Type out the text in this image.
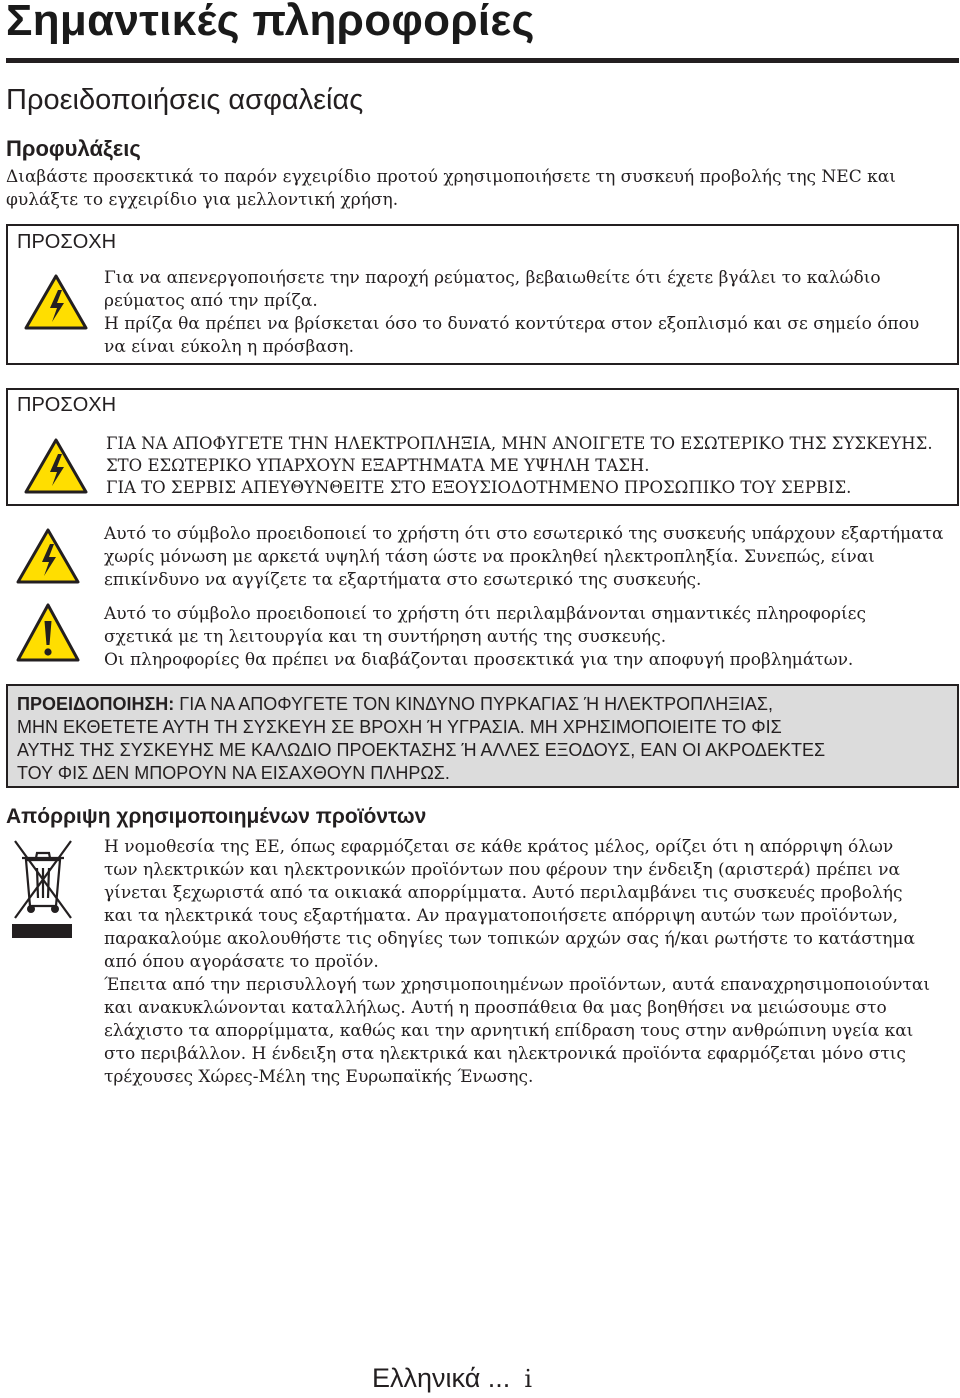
Σημαντικές πληροφορίες
Προειδοποιήσεις ασφαλείας
Προφυλάξεις
Διαβάστε προσεκτικά το παρόν εγχειρίδιο προτού χρησιμοποιήσετε τη συσκευή προβολής της NEC και
φυλάξτε το εγχειρίδιο για μελλοντική χρήση.
ΠΡΟΣΟΧΗ
Για να απενεργοποιήσετε την παροχή ρεύματος, βεβαιωθείτε ότι έχετε βγάλει το καλώδιο
ρεύματος από την πρίζα.
Η πρίζα θα πρέπει να βρίσκεται όσο το δυνατό κοντύτερα στον εξοπλισμό και σε σημείο όπου
να είναι εύκολη η πρόσβαση.
ΠΡΟΣΟΧΗ
ΓΙΑ ΝΑ ΑΠΟΦΥΓΕΤΕ ΤΗΝ ΗΛΕΚΤΡΟΠΛΗΞΙΑ, ΜΗΝ ΑΝΟΙΓΕΤΕ ΤΟ ΕΣΩΤΕΡΙΚΟ ΤΗΣ ΣΥΣΚΕΥΗΣ.
ΣΤΟ ΕΣΩΤΕΡΙΚΟ ΥΠΑΡΧΟΥΝ ΕΞΑΡΤΗΜΑΤΑ ΜΕ ΥΨΗΛΗ ΤΑΣΗ.
ΓΙΑ ΤΟ ΣΕΡΒΙΣ ΑΠΕΥΘΥΝΘΕΙΤΕ ΣΤΟ ΕΞΟΥΣΙΟΔΟΤΗΜΕΝΟ ΠΡΟΣΩΠΙΚΟ ΤΟΥ ΣΕΡΒΙΣ.
Αυτό το σύμβολο προειδοποιεί το χρήστη ότι στο εσωτερικό της συσκευής υπάρχουν εξαρτήματα
χωρίς μόνωση με αρκετά υψηλή τάση ώστε να προκληθεί ηλεκτροπληξία. Συνεπώς, είναι
επικίνδυνο να αγγίζετε τα εξαρτήματα στο εσωτερικό της συσκευής.
Αυτό το σύμβολο προειδοποιεί το χρήστη ότι περιλαμβάνονται σημαντικές πληροφορίες
σχετικά με τη λειτουργία και τη συντήρηση αυτής της συσκευής.
Οι πληροφορίες θα πρέπει να διαβάζονται προσεκτικά για την αποφυγή προβλημάτων.
ΠΡΟΕΙΔΟΠΟΙΗΣΗ: ΓΙΑ ΝΑ ΑΠΟΦΥΓΕΤΕ ΤΟΝ ΚΙΝΔΥΝΟ ΠΥΡΚΑΓΙΑΣ Ή ΗΛΕΚΤΡΟΠΛΗΞΙΑΣ,
ΜΗΝ ΕΚΘΕΤΕΤΕ ΑΥΤΗ ΤΗ ΣΥΣΚΕΥΗ ΣΕ ΒΡΟΧΗ Ή ΥΓΡΑΣΙΑ. ΜΗ ΧΡΗΣΙΜΟΠΟΙΕΙΤΕ ΤΟ ΦΙΣ
ΑΥΤΗΣ ΤΗΣ ΣΥΣΚΕΥΗΣ ΜΕ ΚΑΛΩΔΙΟ ΠΡΟΕΚΤΑΣΗΣ Ή ΑΛΛΕΣ ΕΞΟΔΟΥΣ, ΕΑΝ ΟΙ ΑΚΡΟΔΕΚΤΕΣ
ΤΟΥ ΦΙΣ ΔΕΝ ΜΠΟΡΟΥΝ ΝΑ ΕΙΣΑΧΘΟΥΝ ΠΛΗΡΩΣ.
Απόρριψη χρησιμοποιημένων προϊόντων
Η νομοθεσία της ΕΕ, όπως εφαρμόζεται σε κάθε κράτος μέλος, ορίζει ότι η απόρριψη όλων
των ηλεκτρικών και ηλεκτρονικών προϊόντων που φέρουν την ένδειξη (αριστερά) πρέπει να
γίνεται ξεχωριστά από τα οικιακά απορρίμματα. Αυτό περιλαμβάνει τις συσκευές προβολής
και τα ηλεκτρικά τους εξαρτήματα. Αν πραγματοποιήσετε απόρριψη αυτών των προϊόντων,
παρακαλούμε ακολουθήστε τις οδηγίες των τοπικών αρχών σας ή/και ρωτήστε το κατάστημα
από όπου αγοράσατε το προϊόν.
Έπειτα από την περισυλλογή των χρησιμοποιημένων προϊόντων, αυτά επαναχρησιμοποιούνται
και ανακυκλώνονται καταλλήλως. Αυτή η προσπάθεια θα μας βοηθήσει να μειώσουμε στο
ελάχιστο τα απορρίμματα, καθώς και την αρνητική επίδραση τους στην ανθρώπινη υγεία και
στο περιβάλλον. Η ένδειξη στα ηλεκτρικά και ηλεκτρονικά προϊόντα εφαρμόζεται μόνο στις
τρέχουσες Χώρες-Μέλη της Ευρωπαϊκής Ένωσης.
Ελληνικά ... i
